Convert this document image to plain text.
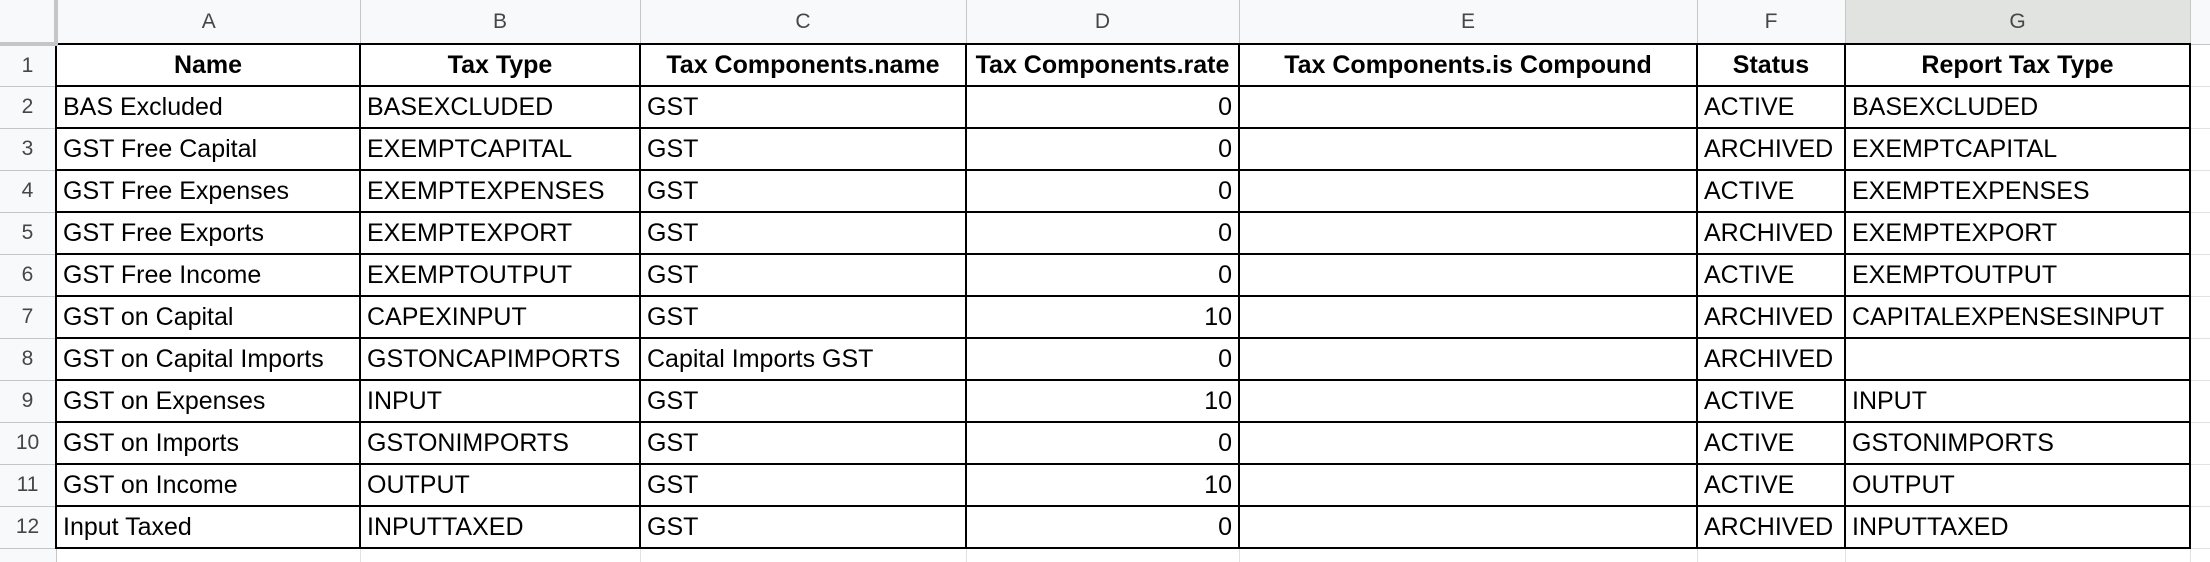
	A	B	C	D	E	F	G	
1	Name	Tax Type	Tax Components.name	Tax Components.rate	Tax Components.is Compound	Status	Report Tax Type	
2	BAS Excluded	BASEXCLUDED	GST	0		ACTIVE	BASEXCLUDED	
3	GST Free Capital	EXEMPTCAPITAL	GST	0		ARCHIVED	EXEMPTCAPITAL	
4	GST Free Expenses	EXEMPTEXPENSES	GST	0		ACTIVE	EXEMPTEXPENSES	
5	GST Free Exports	EXEMPTEXPORT	GST	0		ARCHIVED	EXEMPTEXPORT	
6	GST Free Income	EXEMPTOUTPUT	GST	0		ACTIVE	EXEMPTOUTPUT	
7	GST on Capital	CAPEXINPUT	GST	10		ARCHIVED	CAPITALEXPENSESINPUT	
8	GST on Capital Imports	GSTONCAPIMPORTS	Capital Imports GST	0		ARCHIVED		
9	GST on Expenses	INPUT	GST	10		ACTIVE	INPUT	
10	GST on Imports	GSTONIMPORTS	GST	0		ACTIVE	GSTONIMPORTS	
11	GST on Income	OUTPUT	GST	10		ACTIVE	OUTPUT	
12	Input Taxed	INPUTTAXED	GST	0		ARCHIVED	INPUTTAXED	
